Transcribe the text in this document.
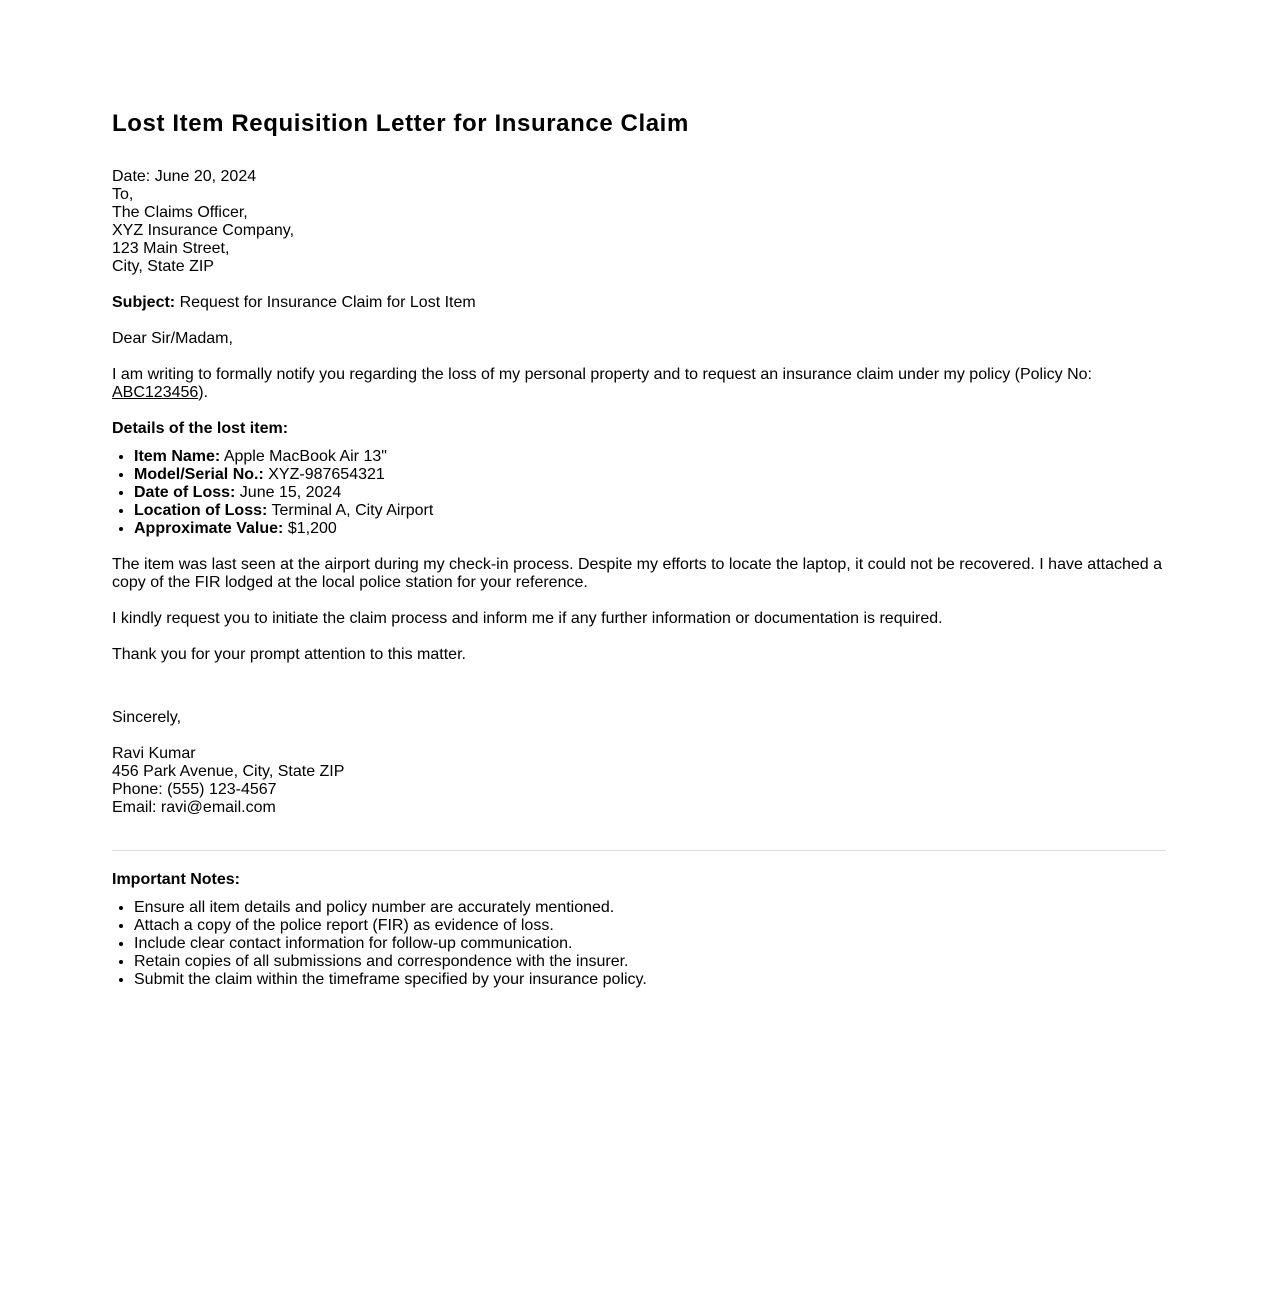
Lost Item Requisition Letter for Insurance Claim
Date: June 20, 2024
To,
The Claims Officer,
XYZ Insurance Company,
123 Main Street,
City, State ZIP
Subject: Request for Insurance Claim for Lost Item
Dear Sir/Madam,
I am writing to formally notify you regarding the loss of my personal property and to request an insurance claim under my policy (Policy No: ABC123456).
Details of the lost item:
• Item Name: Apple MacBook Air 13"
• Model/Serial No.: XYZ-987654321
• Date of Loss: June 15, 2024
• Location of Loss: Terminal A, City Airport
• Approximate Value: $1,200
The item was last seen at the airport during my check-in process. Despite my efforts to locate the laptop, it could not be recovered. I have attached a copy of the FIR lodged at the local police station for your reference.
I kindly request you to initiate the claim process and inform me if any further information or documentation is required.
Thank you for your prompt attention to this matter.
Sincerely,
Ravi Kumar
456 Park Avenue, City, State ZIP
Phone: (555) 123-4567
Email: ravi@email.com
Important Notes:
• Ensure all item details and policy number are accurately mentioned.
• Attach a copy of the police report (FIR) as evidence of loss.
• Include clear contact information for follow-up communication.
• Retain copies of all submissions and correspondence with the insurer.
• Submit the claim within the timeframe specified by your insurance policy.
